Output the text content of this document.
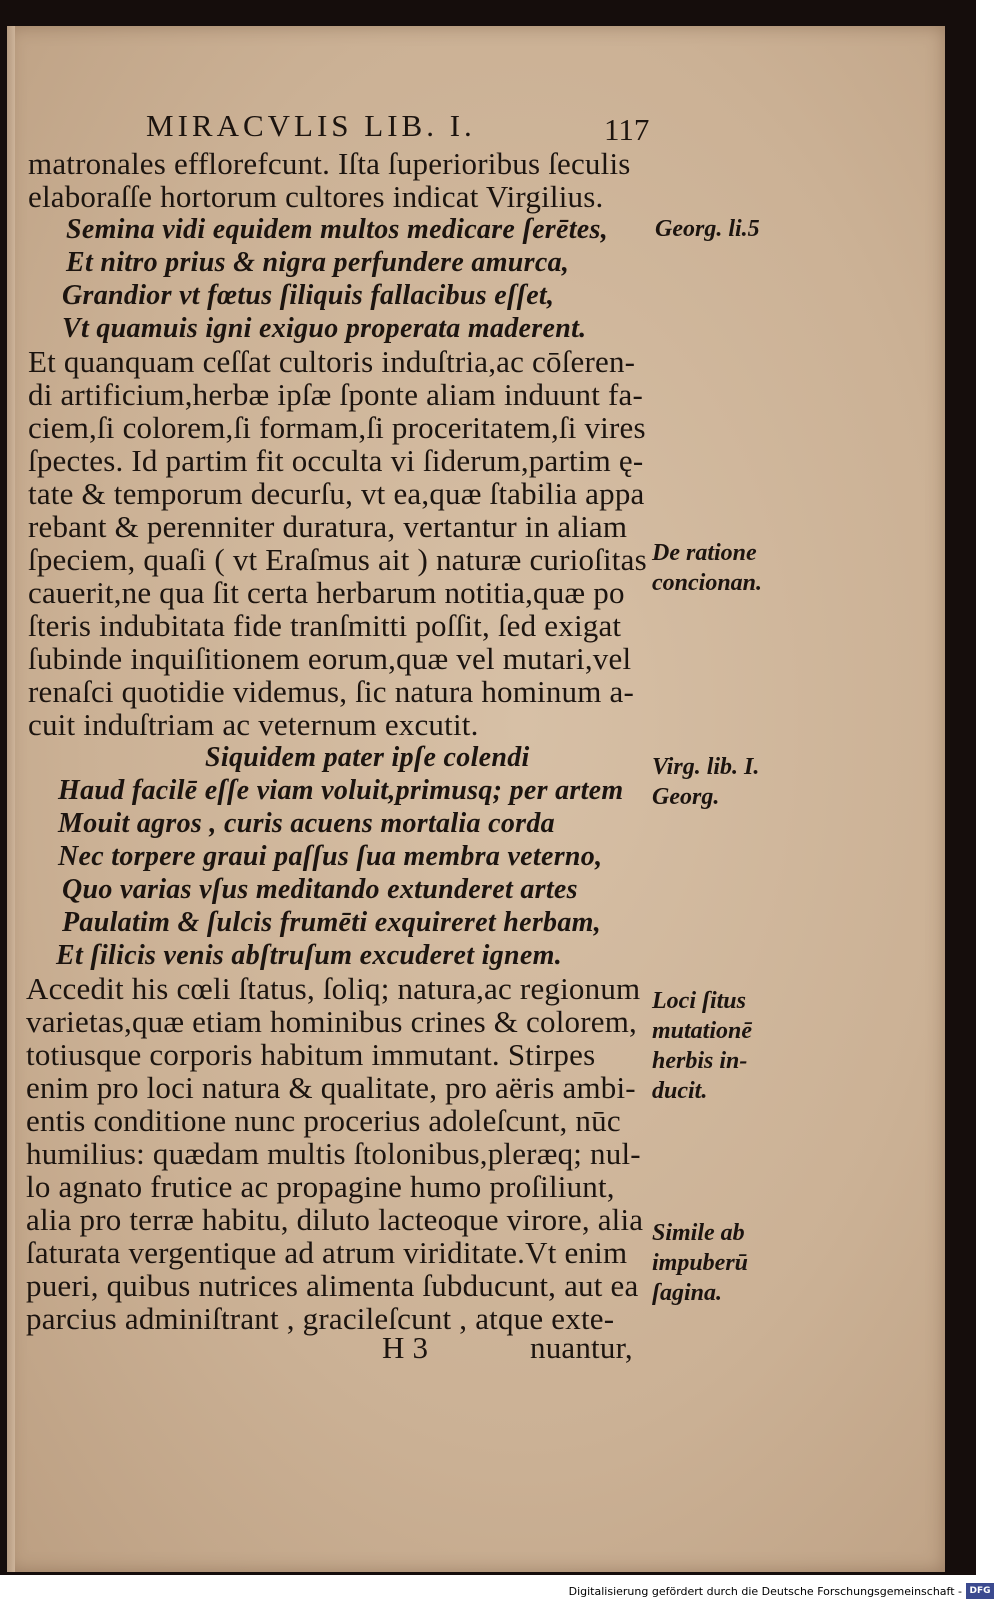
MIRACVLIS LIB. I.	117
matronales efflorefcunt. Iſta ſuperioribus ſeculis
elaboraſſe hortorum cultores indicat Virgilius.
Semina vidi equidem multos medicare ſerētes,
Et nitro prius & nigra perfundere amurca,
Grandior vt fœtus ſiliquis fallacibus eſſet,
Vt quamuis igni exiguo properata maderent.
Et quanquam ceſſat cultoris induſtria,ac cōſeren-
di artificium,herbæ ipſæ ſponte aliam induunt fa-
ciem,ſi colorem,ſi formam,ſi proceritatem,ſi vires
ſpectes. Id partim fit occulta vi ſiderum,partim ę-
tate & temporum decurſu, vt ea,quæ ſtabilia appa
rebant & perenniter duratura, vertantur in aliam
ſpeciem, quaſi ( vt Eraſmus ait ) naturæ curioſitas
cauerit,ne qua ſit certa herbarum notitia,quæ po
ſteris indubitata fide tranſmitti poſſit, ſed exigat
ſubinde inquiſitionem eorum,quæ vel mutari,vel
renaſci quotidie videmus, ſic natura hominum a-
cuit induſtriam ac veternum excutit.
Siquidem pater ipſe colendi
Haud facilē eſſe viam voluit,primusq; per artem
Mouit agros , curis acuens mortalia corda
Nec torpere graui paſſus ſua membra veterno,
Quo varias vſus meditando extunderet artes
Paulatim & ſulcis frumēti exquireret herbam,
Et ſilicis venis abſtruſum excuderet ignem.
Accedit his cœli ſtatus, ſoliq; natura,ac regionum
varietas,quæ etiam hominibus crines & colorem,
totiusque corporis habitum immutant. Stirpes
enim pro loci natura & qualitate, pro aëris ambi-
entis conditione nunc procerius adoleſcunt, nūc
humilius: quædam multis ſtolonibus,pleræq; nul-
lo agnato frutice ac propagine humo proſiliunt,
alia pro terræ habitu, diluto lacteoque virore, alia
ſaturata vergentique ad atrum viriditate.Vt enim
pueri, quibus nutrices alimenta ſubducunt, aut ea
parcius adminiſtrant , gracileſcunt , atque exte-
H 3	nuantur,
Georg. li.5
De ratione
concionan.
Virg. lib. I.
Georg.
Loci ſitus
mutationē
herbis in-
ducit.
Simile ab
impuberū
ſagina.
Digitalisierung gefördert durch die Deutsche Forschungsgemeinschaft - DFG
